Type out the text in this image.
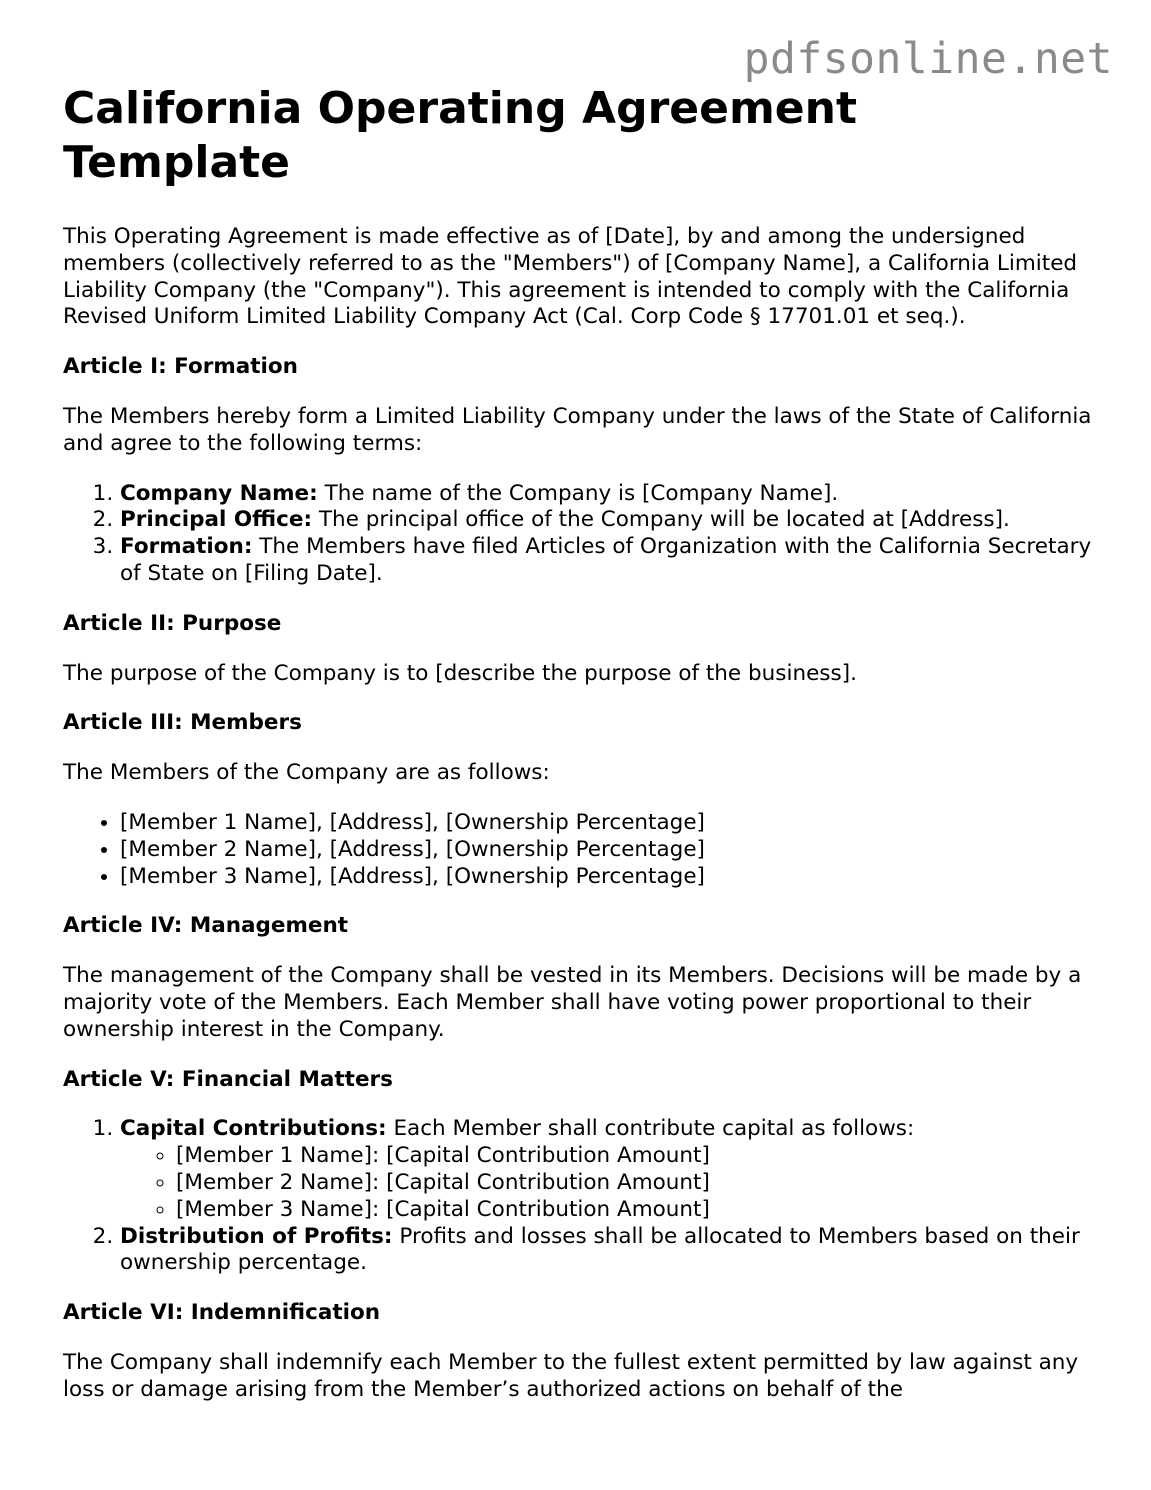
pdfsonline.net
California Operating Agreement Template

This Operating Agreement is made effective as of [Date], by and among the undersigned members (collectively referred to as the "Members") of [Company Name], a California Limited Liability Company (the "Company"). This agreement is intended to comply with the California Revised Uniform Limited Liability Company Act (Cal. Corp Code § 17701.01 et seq.).

Article I: Formation

The Members hereby form a Limited Liability Company under the laws of the State of California and agree to the following terms:

1. Company Name: The name of the Company is [Company Name].
2. Principal Office: The principal office of the Company will be located at [Address].
3. Formation: The Members have filed Articles of Organization with the California Secretary of State on [Filing Date].
Article II: Purpose

The purpose of the Company is to [describe the purpose of the business].

Article III: Members

The Members of the Company are as follows:

• [Member 1 Name], [Address], [Ownership Percentage]
• [Member 2 Name], [Address], [Ownership Percentage]
• [Member 3 Name], [Address], [Ownership Percentage]
Article IV: Management

The management of the Company shall be vested in its Members. Decisions will be made by a majority vote of the Members. Each Member shall have voting power proportional to their ownership interest in the Company.

Article V: Financial Matters
1. Capital Contributions: Each Member shall contribute capital as follows:
◦ [Member 1 Name]: [Capital Contribution Amount]
◦ [Member 2 Name]: [Capital Contribution Amount]
◦ [Member 3 Name]: [Capital Contribution Amount]
2. Distribution of Profits: Profits and losses shall be allocated to Members based on their ownership percentage.
Article VI: Indemnification

The Company shall indemnify each Member to the fullest extent permitted by law against any loss or damage arising from the Member’s authorized actions on behalf of the
